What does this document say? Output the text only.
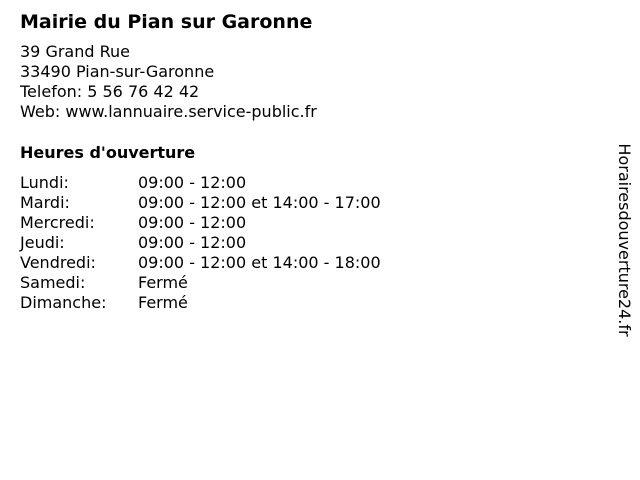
Mairie du Pian sur Garonne
39 Grand Rue
33490 Pian-sur-Garonne
Telefon: 5 56 76 42 42
Web: www.lannuaire.service-public.fr
Heures d'ouverture
Lundi:	09:00 - 12:00
Mardi:	09:00 - 12:00 et 14:00 - 17:00
Mercredi:	09:00 - 12:00
Jeudi:	09:00 - 12:00
Vendredi:	09:00 - 12:00 et 14:00 - 18:00
Samedi:	Fermé
Dimanche:	Fermé	Horairesdouverture24.fr
